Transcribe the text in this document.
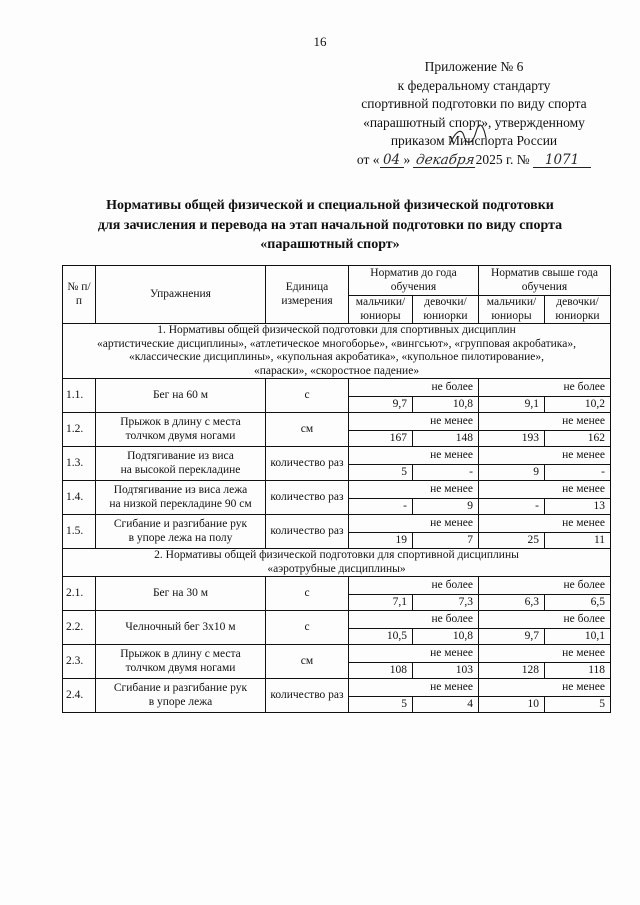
16
Приложение № 6
к федеральному стандарту
спортивной подготовки по виду спорта
«парашютный спорт», утвержденному
приказом Минспорта России
от « 04 » декабря2025 г. № 1071
Нормативы общей физической и специальной физической подготовки
для зачисления и перевода на этап начальной подготовки по виду спорта
«парашютный спорт»
№ п/п	Упражнения	Единица измерения	Норматив до года обучения		Норматив свыше года обучения	
			мальчики/ юниоры	девочки/ юниорки	мальчики/ юниоры	девочки/ юниорки

1. Нормативы общей физической подготовки для спортивных дисциплин
«артистические дисциплины», «атлетическое многоборье», «вингсьют», «групповая акробатика»,
«классические дисциплины», «купольная акробатика», «купольное пилотирование»,
«параски», «скоростное падение»						

1.1.	Бег на 60 м	с	не более		не более	
			9,7	10,8	9,1	10,2
1.2.	Прыжок в длину с места
толчком двумя ногами	см	не менее		не менее	
			167	148	193	162
1.3.	Подтягивание из виса
на высокой перекладине	количество раз	не менее		не менее	
			5	-	9	-
1.4.	Подтягивание из виса лежа
на низкой перекладине 90 см	количество раз	не менее		не менее	
			-	9	-	13
1.5.	Сгибание и разгибание рук
в упоре лежа на полу	количество раз	не менее		не менее	
			19	7	25	11

2. Нормативы общей физической подготовки для спортивной дисциплины
«аэротрубные дисциплины»						

2.1.	Бег на 30 м	с	не более		не более	
			7,1	7,3	6,3	6,5
2.2.	Челночный бег 3x10 м	с	не более		не более	
			10,5	10,8	9,7	10,1
2.3.	Прыжок в длину с места
толчком двумя ногами	см	не менее		не менее	
			108	103	128	118
2.4.	Сгибание и разгибание рук
в упоре лежа	количество раз	не менее		не менее	
			5	4	10	5
